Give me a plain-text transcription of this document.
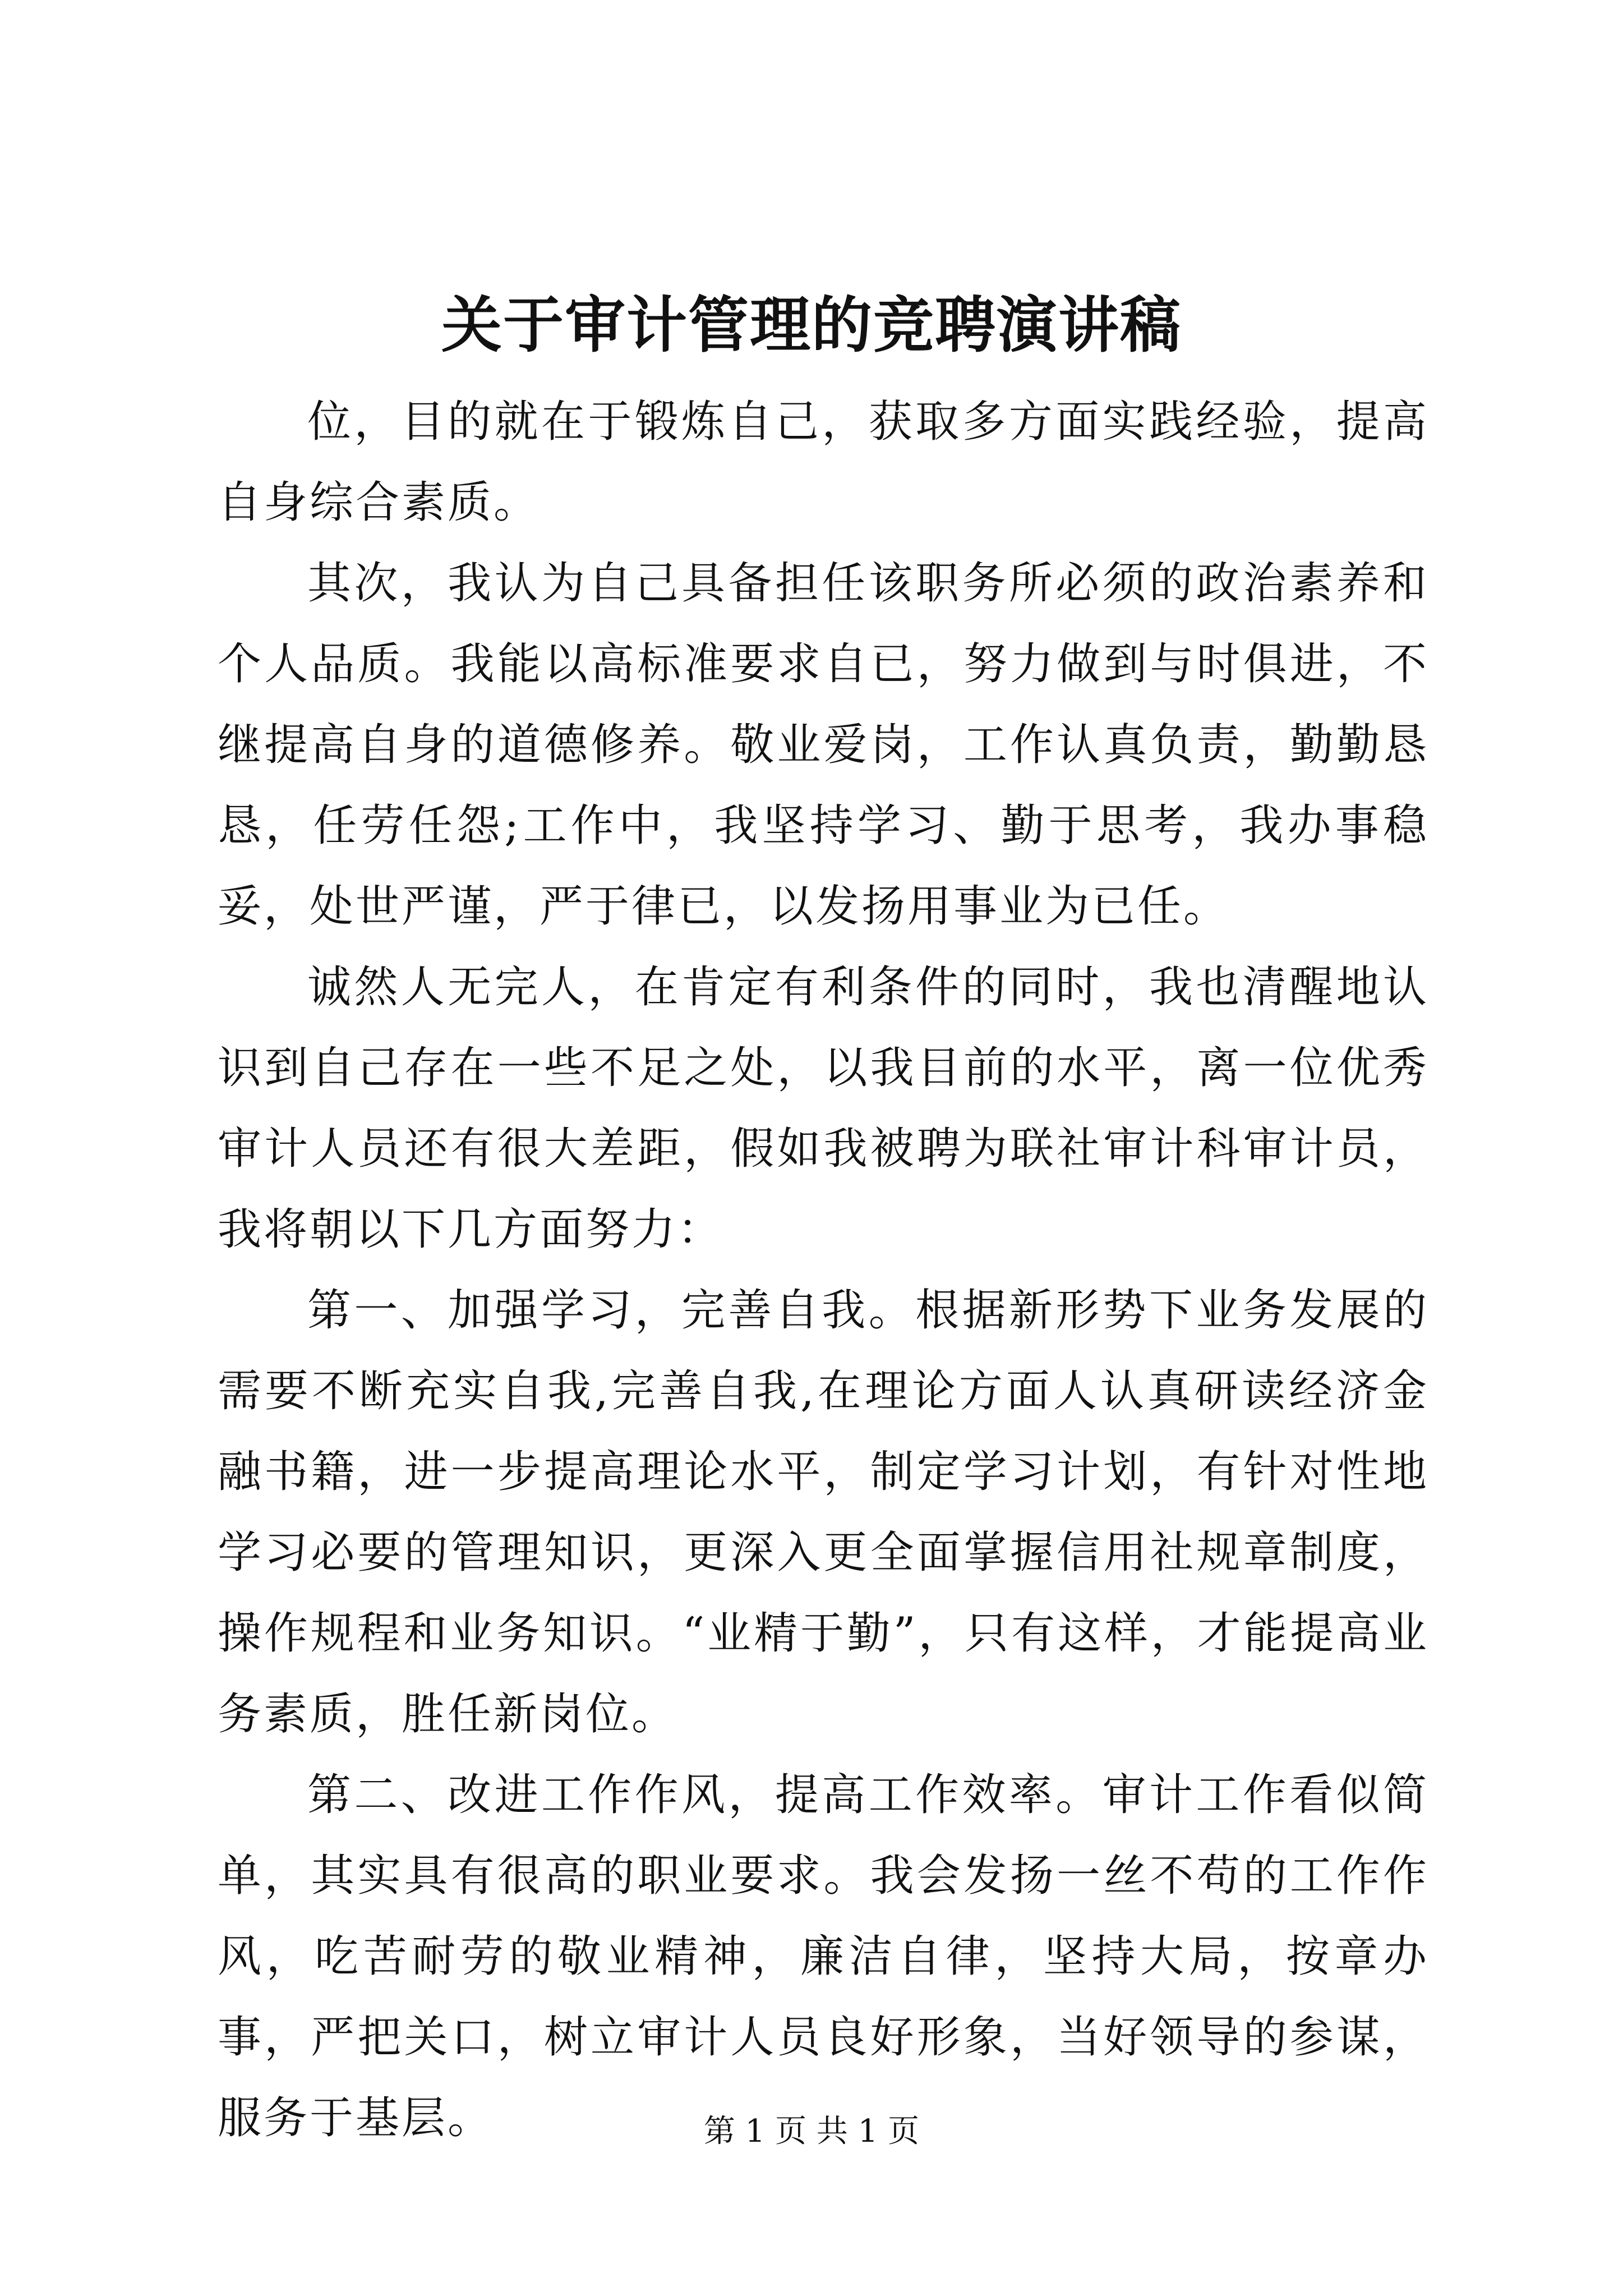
关于审计管理的竞聘演讲稿

位，目的就在于锻炼自己，获取多方面实践经验，提高自身综合素质。

其次，我认为自己具备担任该职务所必须的政治素养和个人品质。我能以高标准要求自已，努力做到与时俱进，不继提高自身的道德修养。敬业爱岗，工作认真负责，勤勤恳恳，任劳任怨;工作中，我坚持学习、勤于思考，我办事稳妥，处世严谨，严于律已，以发扬用事业为已任。

诚然人无完人，在肯定有利条件的同时，我也清醒地认识到自己存在一些不足之处，以我目前的水平，离一位优秀审计人员还有很大差距，假如我被聘为联社审计科审计员，我将朝以下几方面努力：

第一、加强学习，完善自我。根据新形势下业务发展的需要不断充实自我,完善自我,在理论方面人认真研读经济金融书籍，进一步提高理论水平，制定学习计划，有针对性地学习必要的管理知识，更深入更全面掌握信用社规章制度，操作规程和业务知识。“业精于勤”，只有这样，才能提高业务素质，胜任新岗位。

第二、改进工作作风，提高工作效率。审计工作看似简单，其实具有很高的职业要求。我会发扬一丝不苟的工作作风，吃苦耐劳的敬业精神，廉洁自律，坚持大局，按章办事，严把关口，树立审计人员良好形象，当好领导的参谋，服务于基层。	第 1 页 共 1 页
